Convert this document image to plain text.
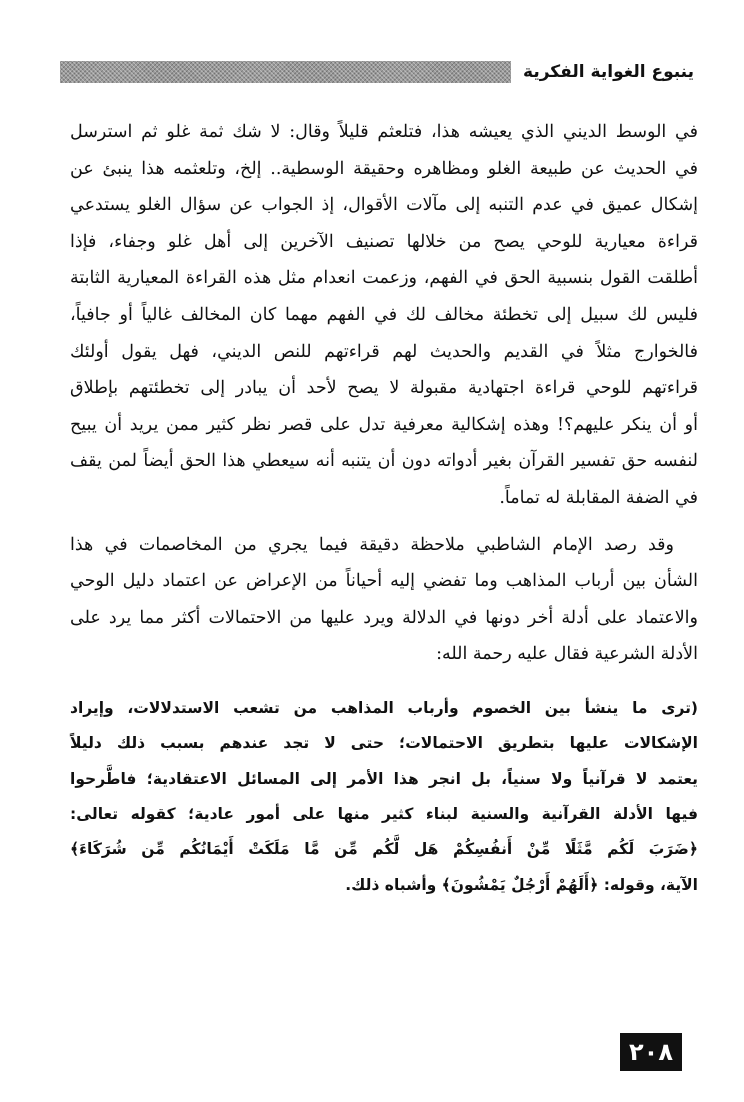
ينبوع الغواية الفكرية
في الوسط الديني الذي يعيشه هذا، فتلعثم قليلاً وقال: لا شك ثمة غلو ثم استرسل
في الحديث عن طبيعة الغلو ومظاهره وحقيقة الوسطية.. إلخ، وتلعثمه هذا ينبئ عن
إشكال عميق في عدم التنبه إلى مآلات الأقوال، إذ الجواب عن سؤال الغلو يستدعي
قراءة معيارية للوحي يصح من خلالها تصنيف الآخرين إلى أهل غلو وجفاء، فإذا
أطلقت القول بنسبية الحق في الفهم، وزعمت انعدام مثل هذه القراءة المعيارية الثابتة
فليس لك سبيل إلى تخطئة مخالف لك في الفهم مهما كان المخالف غالياً أو جافياً،
فالخوارج مثلاً في القديم والحديث لهم قراءتهم للنص الديني، فهل يقول أولئك
قراءتهم للوحي قراءة اجتهادية مقبولة لا يصح لأحد أن يبادر إلى تخطئتهم بإطلاق
أو أن ينكر عليهم؟! وهذه إشكالية معرفية تدل على قصر نظر كثير ممن يريد أن يبيح
لنفسه حق تفسير القرآن بغير أدواته دون أن يتنبه أنه سيعطي هذا الحق أيضاً لمن يقف
في الضفة المقابلة له تماماً.
وقد رصد الإمام الشاطبي ملاحظة دقيقة فيما يجري من المخاصمات في هذا
الشأن بين أرباب المذاهب وما تفضي إليه أحياناً من الإعراض عن اعتماد دليل الوحي
والاعتماد على أدلة أخر دونها في الدلالة ويرد عليها من الاحتمالات أكثر مما يرد على
الأدلة الشرعية فقال عليه رحمة الله:
(ترى ما ينشأ بين الخصوم وأرباب المذاهب من تشعب الاستدلالات، وإيراد
الإشكالات عليها بتطريق الاحتمالات؛ حتى لا تجد عندهم بسبب ذلك دليلاً
يعتمد لا قرآنياً ولا سنياً، بل انجر هذا الأمر إلى المسائل الاعتقادية؛ فاطَّرحوا
فيها الأدلة القرآنية والسنية لبناء كثير منها على أمور عادية؛ كقوله تعالى:
﴿ضَرَبَ لَكُم مَّثَلًا مِّنْ أَنفُسِكُمْ هَل لَّكُم مِّن مَّا مَلَكَتْ أَيْمَانُكُم مِّن شُرَكَاءَ﴾
الآية، وقوله: ﴿أَلَهُمْ أَرْجُلٌ يَمْشُونَ﴾ وأشباه ذلك.
٢٠٨
